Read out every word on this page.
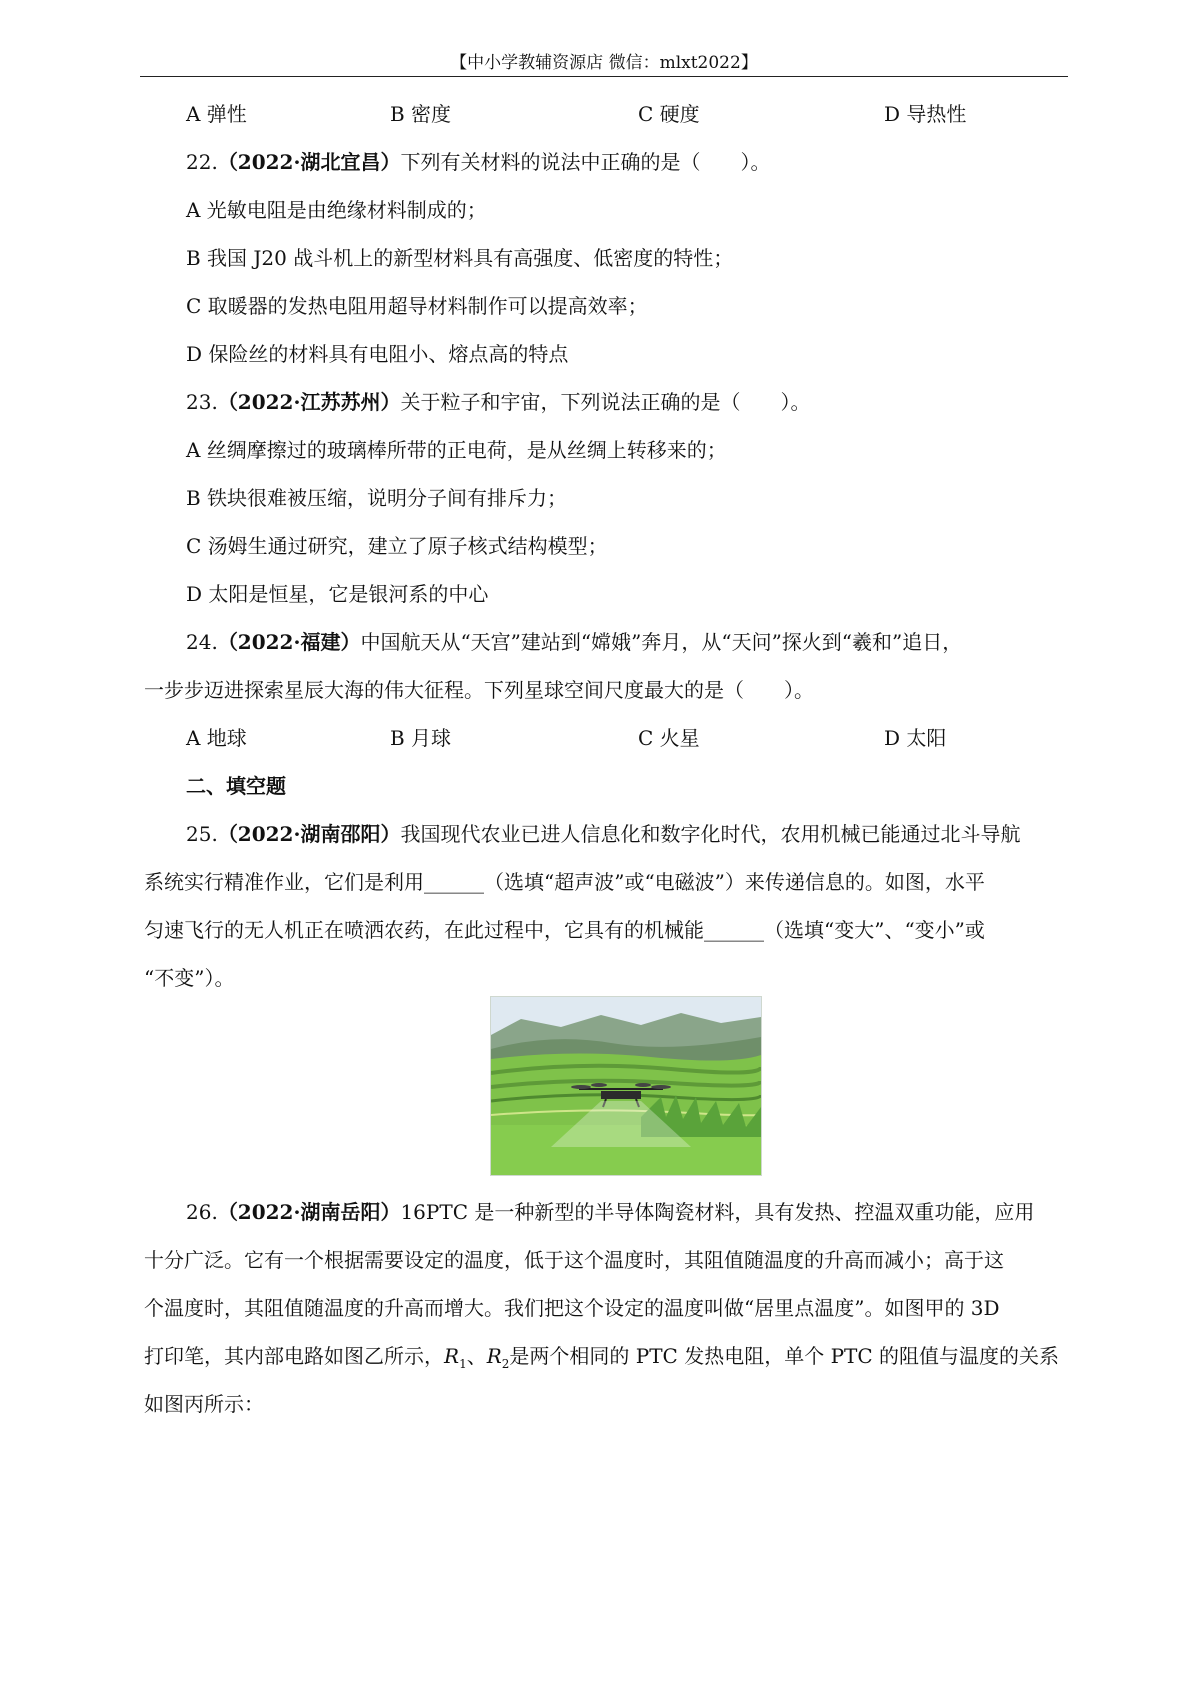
【中小学教辅资源店 微信：mlxt2022】
A 弹性	B 密度	C 硬度	D 导热性
22.（2022·湖北宜昌）下列有关材料的说法中正确的是（　　）。
A 光敏电阻是由绝缘材料制成的；
B 我国 J20 战斗机上的新型材料具有高强度、低密度的特性；
C 取暖器的发热电阻用超导材料制作可以提高效率；
D 保险丝的材料具有电阻小、熔点高的特点
23.（2022·江苏苏州）关于粒子和宇宙，下列说法正确的是（　　）。
A 丝绸摩擦过的玻璃棒所带的正电荷，是从丝绸上转移来的；
B 铁块很难被压缩，说明分子间有排斥力；
C 汤姆生通过研究，建立了原子核式结构模型；
D 太阳是恒星，它是银河系的中心
24.（2022·福建）中国航天从“天宫”建站到“嫦娥”奔月，从“天问”探火到“羲和”追日，
一步步迈进探索星辰大海的伟大征程。下列星球空间尺度最大的是（　　）。
A 地球	B 月球	C 火星	D 太阳
二、填空题
25.（2022·湖南邵阳）我国现代农业已进人信息化和数字化时代，农用机械已能通过北斗导航
系统实行精准作业，它们是利用______（选填“超声波”或“电磁波”）来传递信息的。如图，水平
匀速飞行的无人机正在喷洒农药，在此过程中，它具有的机械能______（选填“变大”、“变小”或
“不变”）。
26.（2022·湖南岳阳）16PTC 是一种新型的半导体陶瓷材料，具有发热、控温双重功能，应用
十分广泛。它有一个根据需要设定的温度，低于这个温度时，其阻值随温度的升高而减小；高于这
个温度时，其阻值随温度的升高而增大。我们把这个设定的温度叫做“居里点温度”。如图甲的 3D
打印笔，其内部电路如图乙所示，$R_1$、$R_2$是两个相同的 PTC 发热电阻，单个 PTC 的阻值与温度的关系
如图丙所示：
